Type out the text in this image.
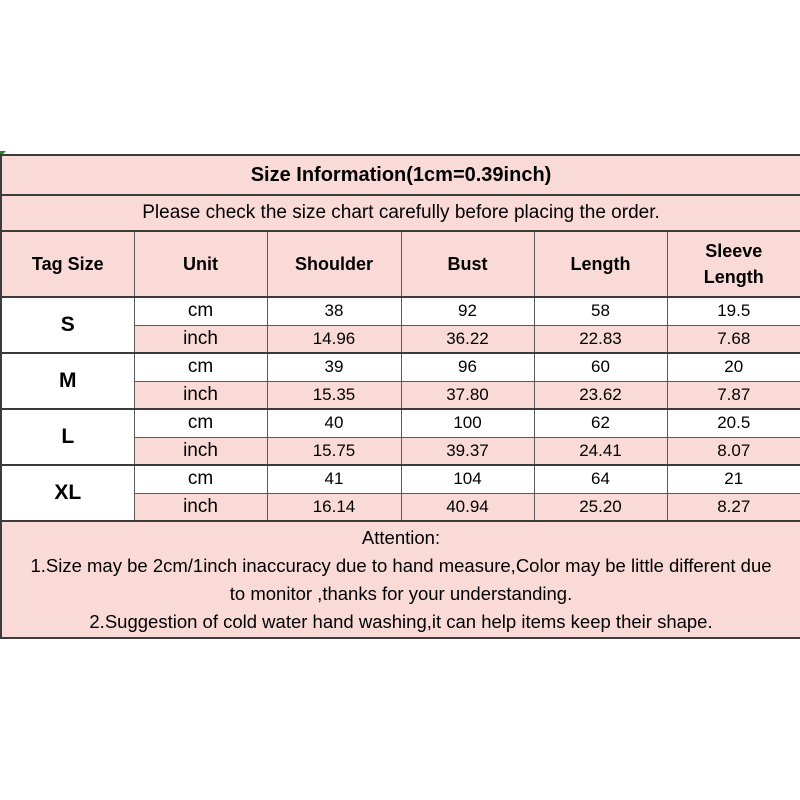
Size Information(1cm=0.39inch)					
Please check the size chart carefully before placing the order.					
Tag Size	Unit	Shoulder	Bust	Length	Sleeve Length

S	cm	38	92	58	19.5
	inch	14.96	36.22	22.83	7.68
M	cm	39	96	60	20
	inch	15.35	37.80	23.62	7.87
L	cm	40	100	62	20.5
	inch	15.75	39.37	24.41	8.07
XL	cm	41	104	64	21
	inch	16.14	40.94	25.20	8.27

Attention:
1.Size may be 2cm/1inch inaccuracy due to hand measure,Color may be little different due
to monitor ,thanks for your understanding.
2.Suggestion of cold water hand washing,it can help items keep their shape.					
